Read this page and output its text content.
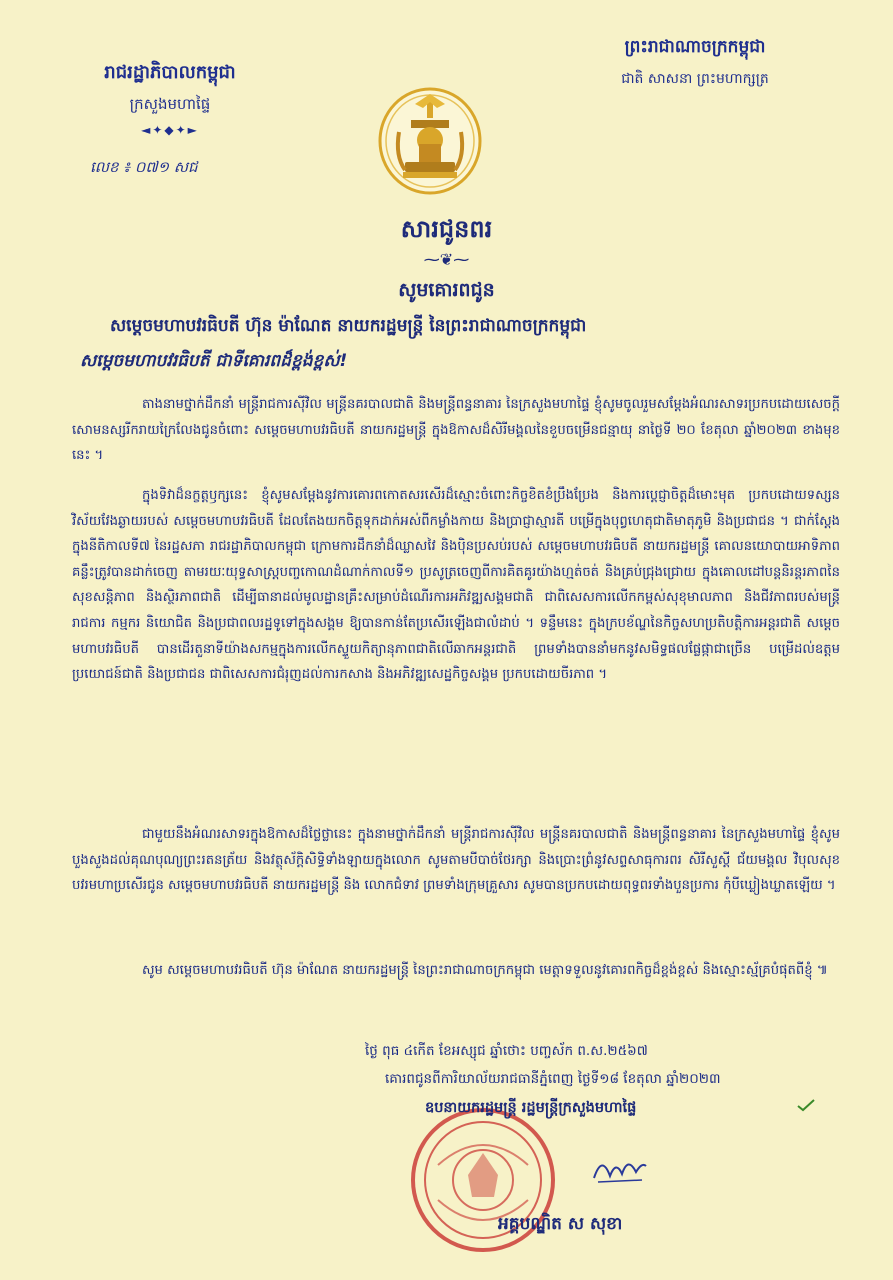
រាជរដ្ឋាភិបាលកម្ពុជា
ក្រសួងមហាផ្ទៃ
◄✦◆✦►
លេខ ៖ ០៧១ សជ
ព្រះរាជាណាចក្រកម្ពុជា
ជាតិ សាសនា ព្រះមហាក្សត្រ
សារជូនពរ
⁓❦⁓
សូមគោរពជូន
សម្តេចមហាបវរធិបតី ហ៊ុន ម៉ាណែត នាយករដ្ឋមន្ត្រី នៃព្រះរាជាណាចក្រកម្ពុជា
សម្តេចមហាបវរធិបតី ជាទីគោរពដ៏ខ្ពង់ខ្ពស់!
តាងនាមថ្នាក់ដឹកនាំ មន្ត្រីរាជការស៊ីវិល មន្ត្រីនគរបាលជាតិ និងមន្ត្រីពន្ធនាគារ នៃក្រសួងមហាផ្ទៃ ខ្ញុំសូមចូលរួមសម្តែងអំណរសាទរប្រកបដោយសេចក្តីសោមនស្សរីករាយក្រៃលែងជូនចំពោះ សម្តេចមហាបវរធិបតី នាយករដ្ឋមន្ត្រី ក្នុងឱកាសដ៏សិរីមង្គលនៃខួបចម្រើនជន្មាយុ នាថ្ងៃទី ២០ ខែតុលា ឆ្នាំ២០២៣ ខាងមុខនេះ ។
ក្នុងទិវាដ៏នក្ខត្តឫក្សនេះ ខ្ញុំសូមសម្តែងនូវការគោរពកោតសរសើរដ៏ស្មោះចំពោះកិច្ចខិតខំប្រឹងប្រែង និងការប្តេជ្ញាចិត្តដ៏មោះមុត ប្រកបដោយទស្សនវិស័យវែងឆ្ងាយរបស់ សម្តេចមហាបវរធិបតី ដែលតែងយកចិត្តទុកដាក់អស់ពីកម្លាំងកាយ និងប្រាជ្ញាស្មារតី បម្រើក្នុងបុព្វហេតុជាតិមាតុភូមិ និងប្រជាជន ។ ជាក់ស្តែង ក្នុងនីតិកាលទី៧ នៃរដ្ឋសភា រាជរដ្ឋាភិបាលកម្ពុជា ក្រោមការដឹកនាំដ៏ឈ្លាសវៃ និងប៉ិនប្រសប់របស់ សម្តេចមហាបវរធិបតី នាយករដ្ឋមន្ត្រី គោលនយោបាយអាទិភាពគន្លឹះត្រូវបានដាក់ចេញ តាមរយៈយុទ្ធសាស្ត្របញ្ចកោណដំណាក់កាលទី១ ប្រសូត្រចេញពីការគិតគូរយ៉ាងហ្មត់ចត់ និងគ្រប់ជ្រុងជ្រោយ ក្នុងគោលដៅបន្តនិរន្តរភាពនៃសុខសន្តិភាព និងស្ថិរភាពជាតិ ដើម្បីធានាដល់មូលដ្ឋានគ្រឹះសម្រាប់ដំណើរការអភិវឌ្ឍសង្គមជាតិ ជាពិសេសការលើកកម្ពស់សុខុមាលភាព និងជីវភាពរបស់មន្ត្រីរាជការ កម្មករ និយោជិត និងប្រជាពលរដ្ឋទូទៅក្នុងសង្គម ឱ្យបានកាន់តែប្រសើរឡើងជាលំដាប់ ។ ទន្ទឹមនេះ ក្នុងក្របខ័ណ្ឌនៃកិច្ចសហប្រតិបត្តិការអន្តរជាតិ សម្តេចមហាបវរធិបតី បានដើរតួនាទីយ៉ាងសកម្មក្នុងការលើកស្ទួយកិត្យានុភាពជាតិលើឆាកអន្តរជាតិ ព្រមទាំងបាននាំមកនូវសមិទ្ធផលផ្លែផ្កាជាច្រើន បម្រើដល់ឧត្តមប្រយោជន៍ជាតិ និងប្រជាជន ជាពិសេសការជំរុញដល់ការកសាង និងអភិវឌ្ឍសេដ្ឋកិច្ចសង្គម ប្រកបដោយចីរភាព ។
ជាមួយនឹងអំណរសាទរក្នុងឱកាសដ៏ថ្លៃថ្លានេះ ក្នុងនាមថ្នាក់ដឹកនាំ មន្ត្រីរាជការស៊ីវិល មន្ត្រីនគរបាលជាតិ និងមន្ត្រីពន្ធនាគារ នៃក្រសួងមហាផ្ទៃ ខ្ញុំសូមបួងសួងដល់គុណបុណ្យព្រះរតនត្រ័យ និងវត្ថុស័ក្តិសិទ្ធិទាំងឡាយក្នុងលោក សូមតាមបីបាច់ថែរក្សា និងប្រោះព្រំនូវសព្ទសាធុការពរ សិរីសួស្តី ជ័យមង្គល វិបុលសុខ បវរមហាប្រសើរជូន សម្តេចមហាបវរធិបតី នាយករដ្ឋមន្ត្រី និង លោកជំទាវ ព្រមទាំងក្រុមគ្រួសារ សូមបានប្រកបដោយពុទ្ធពរទាំងបួនប្រការ កុំបីឃ្លៀងឃ្លាតឡើយ ។
សូម សម្តេចមហាបវរធិបតី ហ៊ុន ម៉ាណែត នាយករដ្ឋមន្ត្រី នៃព្រះរាជាណាចក្រកម្ពុជា មេត្តាទទួលនូវគោរពកិច្ចដ៏ខ្ពង់ខ្ពស់ និងស្មោះស្ម័គ្របំផុតពីខ្ញុំ ៕
ថ្ងៃ ពុធ ៤កើត ខែអស្សុជ ឆ្នាំថោះ បញ្ចស័ក ព.ស.២៥៦៧
គោរពជូនពីការិយាល័យរាជធានីភ្នំពេញ ថ្ងៃទី១៨ ខែតុលា ឆ្នាំ២០២៣
ឧបនាយករដ្ឋមន្ត្រី រដ្ឋមន្ត្រីក្រសួងមហាផ្ទៃ
អគ្គបណ្ឌិត ស សុខា
